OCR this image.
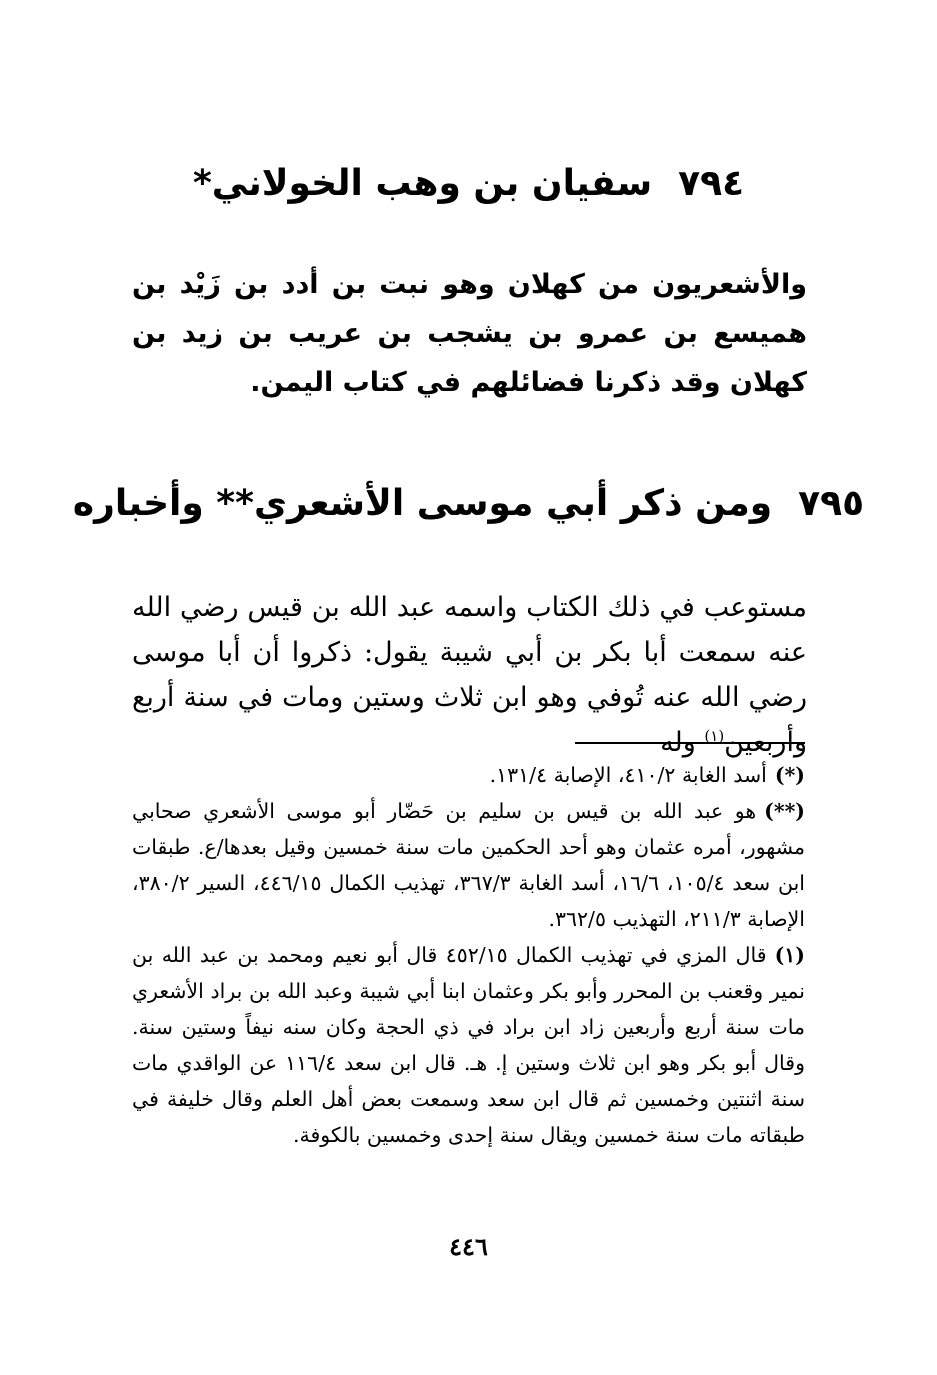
٧٩٤سفيان بن وهب الخولاني*

والأشعريون من كهلان وهو نبت بن أدد بن زَيْد بن هميسع بن عمرو بن يشجب بن عريب بن زيد بن كهلان وقد ذكرنا فضائلهم في كتاب اليمن.

٧٩٥ومن ذكر أبي موسى الأشعري** وأخباره

مستوعب في ذلك الكتاب واسمه عبد الله بن قيس رضي الله عنه سمعت أبا بكر بن أبي شيبة يقول: ذكروا أن أبا موسى رضي الله عنه تُوفي وهو ابن ثلاث وستين ومات في سنة أربع وأربعين$^{(١)}$ وله

(*)أسد الغابة ٤١٠/٢، الإصابة ١٣١/٤.

(**)هو عبد الله بن قيس بن سليم بن حَضّار أبو موسى الأشعري صحابي مشهور، أمره عثمان وهو أحد الحكمين مات سنة خمسين وقيل بعدها/ع. طبقات ابن سعد ١٠٥/٤، ١٦/٦، أسد الغابة ٣٦٧/٣، تهذيب الكمال ٤٤٦/١٥، السير ٣٨٠/٢، الإصابة ٢١١/٣، التهذيب ٣٦٢/٥.

(١)قال المزي في تهذيب الكمال ٤٥٢/١٥ قال أبو نعيم ومحمد بن عبد الله بن نمير وقعنب بن المحرر وأبو بكر وعثمان ابنا أبي شيبة وعبد الله بن براد الأشعري مات سنة أربع وأربعين زاد ابن براد في ذي الحجة وكان سنه نيفاً وستين سنة. وقال أبو بكر وهو ابن ثلاث وستين إ. هـ. قال ابن سعد ١١٦/٤ عن الواقدي مات سنة اثنتين وخمسين ثم قال ابن سعد وسمعت بعض أهل العلم وقال خليفة في طبقاته مات سنة خمسين ويقال سنة إحدى وخمسين بالكوفة.

٤٤٦
